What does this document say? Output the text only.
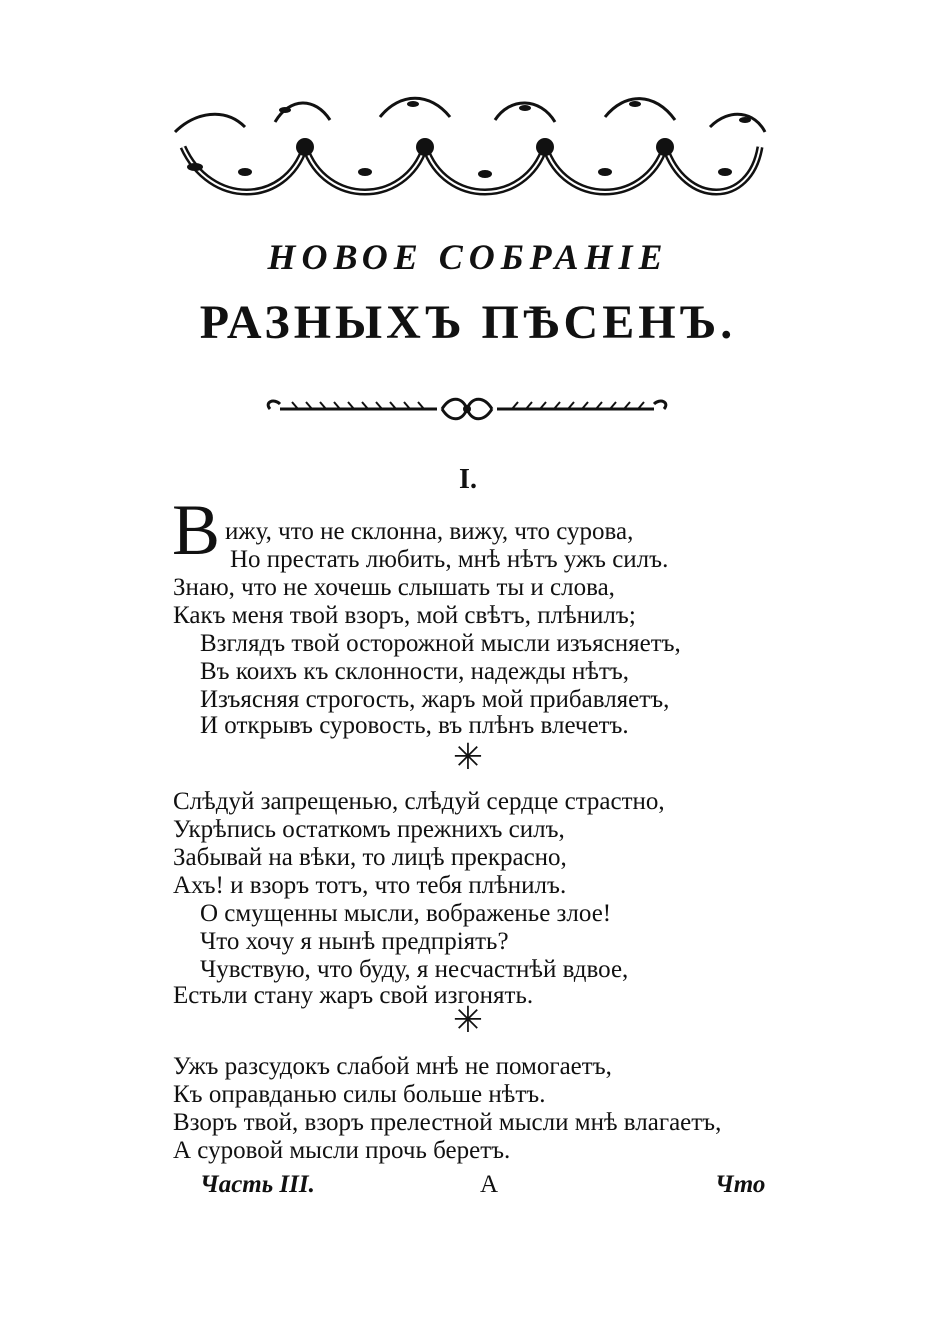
НОВОЕ СОБРАНІЕ
РАЗНЫХЪ ПѢСЕНЪ.
I.
В ижу, что не склонна, вижу, что сурова,
Но престать любить, мнѣ нѣтъ ужъ силъ.
Знаю, что не хочешь слышать ты и слова,
Какъ меня твой взоръ, мой свѣтъ, плѣнилъ;
Взглядъ твой осторожной мысли изъясняетъ,
Въ коихъ къ склонности, надежды нѣтъ,
Изъясняя строгость, жаръ мой прибавляетъ,
И открывъ суровость, въ плѣнъ влечетъ.
✳
Слѣдуй запрещенью, слѣдуй сердце страстно,
Укрѣпись остаткомъ прежнихъ силъ,
Забывай на вѣки, то лицѣ прекрасно,
Ахъ! и взоръ тотъ, что тебя плѣнилъ.
О смущенны мысли, вображенье злое!
Что хочу я нынѣ предпріять?
Чувствую, что буду, я несчастнѣй вдвое,
Естьли стану жаръ свой изгонять.
✳
Ужъ разсудокъ слабой мнѣ не помогаетъ,
Къ оправданью силы больше нѣтъ.
Взоръ твой, взоръ прелестной мысли мнѣ влагаетъ,
А суровой мысли прочь беретъ.
Часть III.	А	Что
